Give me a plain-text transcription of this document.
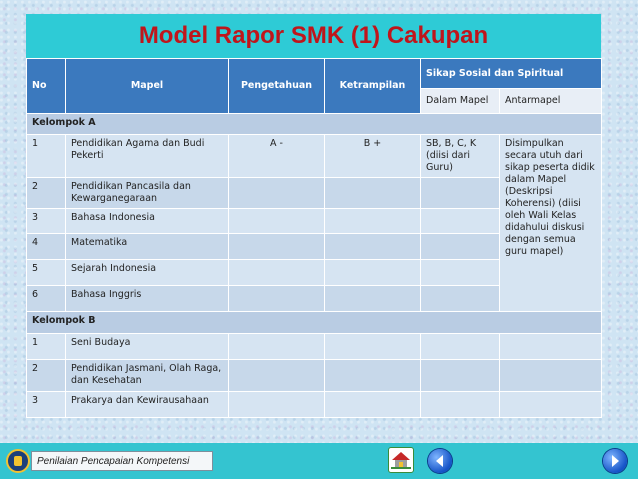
Model Rapor SMK (1) Cakupan
No	Mapel	Pengetahuan	Ketrampilan	Sikap Sosial dan Spiritual	
				Dalam Mapel	Antarmapel
Kelompok A					
1	Pendidikan Agama dan Budi Pekerti	A -	B +	SB, B, C, K (diisi dari Guru)	Disimpulkan secara utuh dari sikap peserta didik dalam Mapel (Deskripsi Koherensi) (diisi oleh Wali Kelas didahului diskusi dengan semua guru mapel)
2	Pendidikan Pancasila dan Kewarganegaraan				
3	Bahasa Indonesia				
4	Matematika				
5	Sejarah Indonesia				
6	Bahasa Inggris				
Kelompok B					
1	Seni Budaya				
2	Pendidikan Jasmani, Olah Raga, dan Kesehatan				
3	Prakarya dan Kewirausahaan				
Penilaian Pencapaian Kompetensi
